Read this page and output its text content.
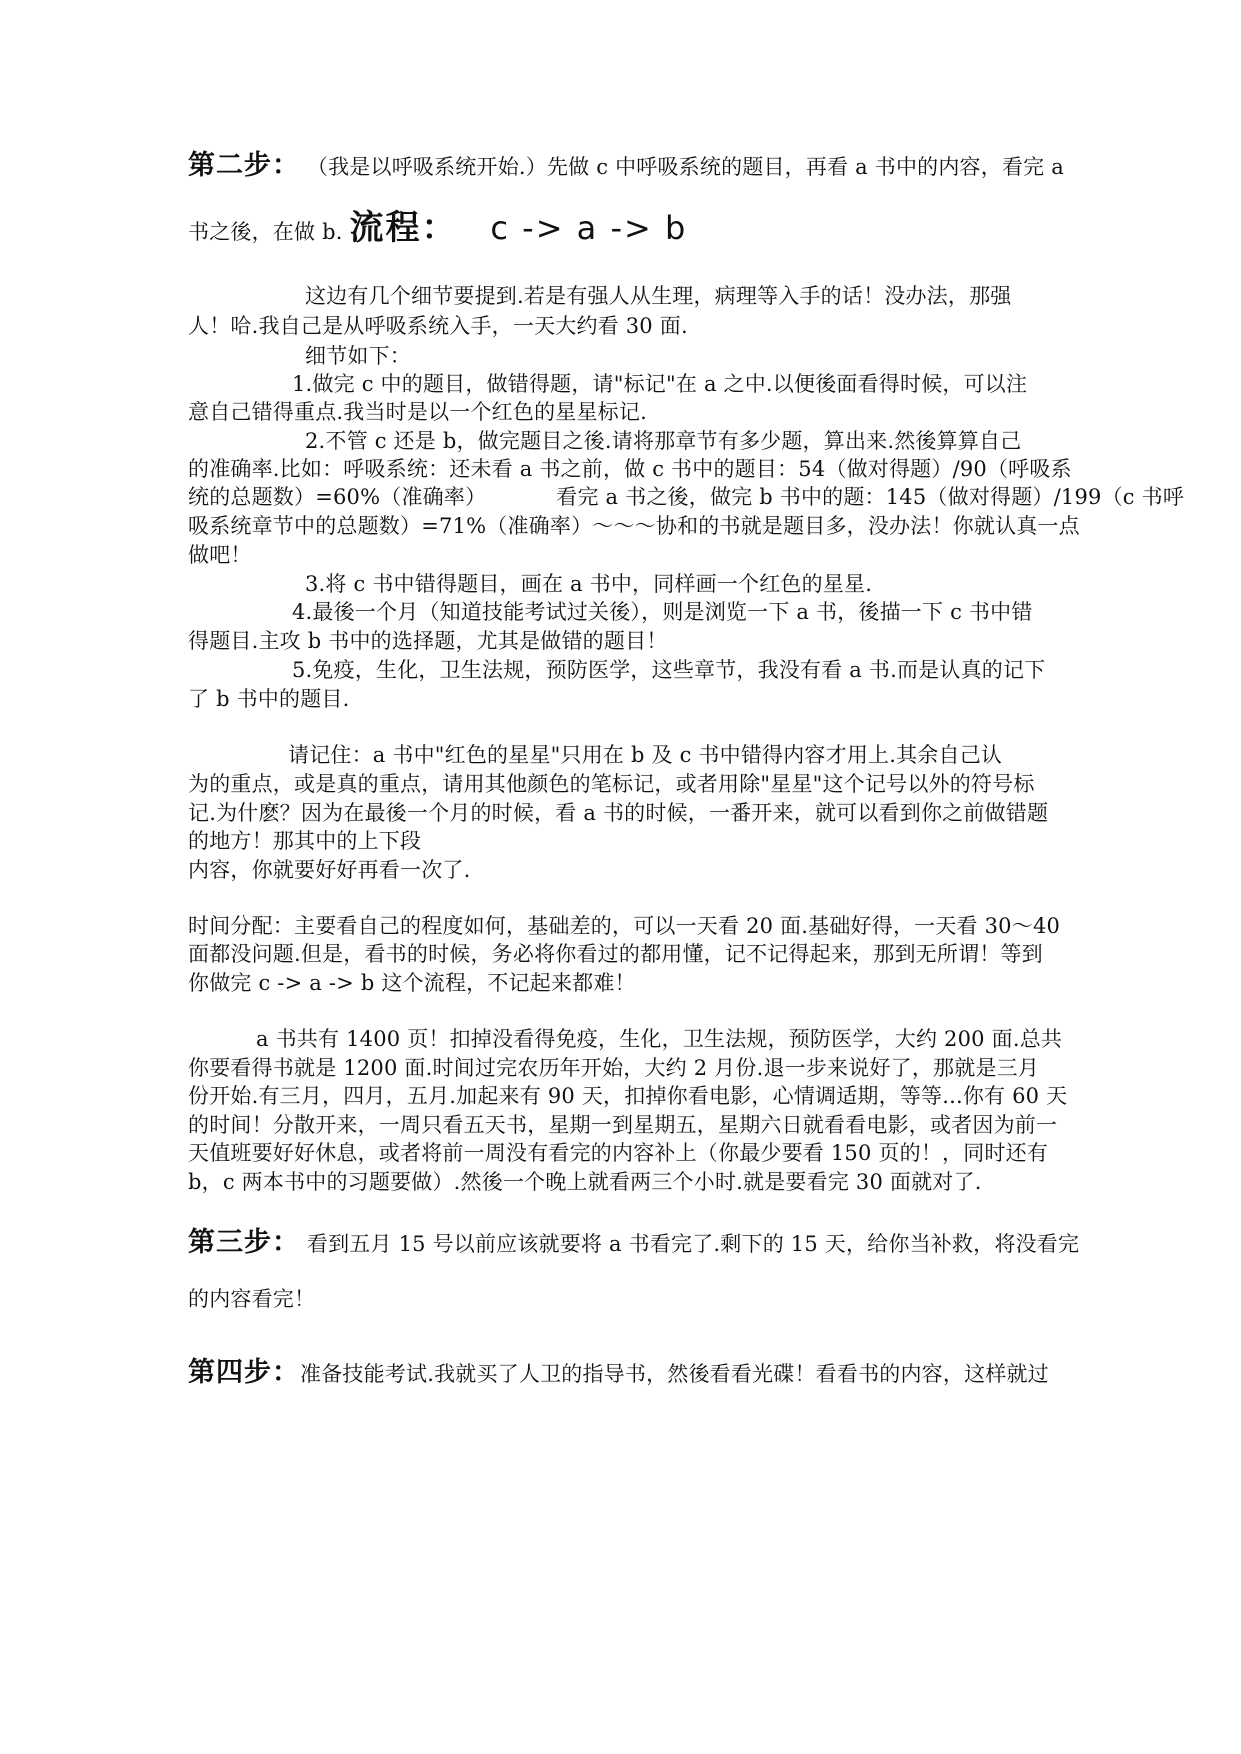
第二步： （我是以呼吸系统开始.）先做 c 中呼吸系统的题目，再看 a 书中的内容，看完 a
书之後，在做 b. 流程： c -> a -> b
这边有几个细节要提到.若是有强人从生理，病理等入手的话！没办法，那强
人！哈.我自己是从呼吸系统入手，一天大约看 30 面.
细节如下：
1.做完 c 中的题目，做错得题，请"标记"在 a 之中.以便後面看得时候，可以注
意自己错得重点.我当时是以一个红色的星星标记.
2.不管 c 还是 b，做完题目之後.请将那章节有多少题，算出来.然後算算自己
的准确率.比如：呼吸系统：还未看 a 书之前，做 c 书中的题目：54（做对得题）/90（呼吸系
统的总题数）=60%（准确率）	看完 a 书之後，做完 b 书中的题：145（做对得题）/199（c 书呼
吸系统章节中的总题数）=71%（准确率）～～～协和的书就是题目多，没办法！你就认真一点
做吧！
3.将 c 书中错得题目，画在 a 书中，同样画一个红色的星星.
4.最後一个月（知道技能考试过关後），则是浏览一下 a 书，後描一下 c 书中错
得题目.主攻 b 书中的选择题，尤其是做错的题目！
5.免疫，生化，卫生法规，预防医学，这些章节，我没有看 a 书.而是认真的记下
了 b 书中的题目.
请记住：a 书中"红色的星星"只用在 b 及 c 书中错得内容才用上.其余自己认
为的重点，或是真的重点，请用其他颜色的笔标记，或者用除"星星"这个记号以外的符号标
记.为什麽？因为在最後一个月的时候，看 a 书的时候，一番开来，就可以看到你之前做错题
的地方！那其中的上下段
内容，你就要好好再看一次了.
时间分配：主要看自己的程度如何，基础差的，可以一天看 20 面.基础好得，一天看 30～40
面都没问题.但是，看书的时候，务必将你看过的都用懂，记不记得起来，那到无所谓！等到
你做完 c -> a -> b 这个流程，不记起来都难！
a 书共有 1400 页！扣掉没看得免疫，生化，卫生法规，预防医学，大约 200 面.总共
你要看得书就是 1200 面.时间过完农历年开始，大约 2 月份.退一步来说好了，那就是三月
份开始.有三月，四月，五月.加起来有 90 天，扣掉你看电影，心情调适期，等等...你有 60 天
的时间！分散开来，一周只看五天书，星期一到星期五，星期六日就看看电影，或者因为前一
天值班要好好休息，或者将前一周没有看完的内容补上（你最少要看 150 页的！，同时还有
b，c 两本书中的习题要做）.然後一个晚上就看两三个小时.就是要看完 30 面就对了.
第三步： 看到五月 15 号以前应该就要将 a 书看完了.剩下的 15 天，给你当补救，将没看完
的内容看完！
第四步：准备技能考试.我就买了人卫的指导书，然後看看光碟！看看书的内容，这样就过
